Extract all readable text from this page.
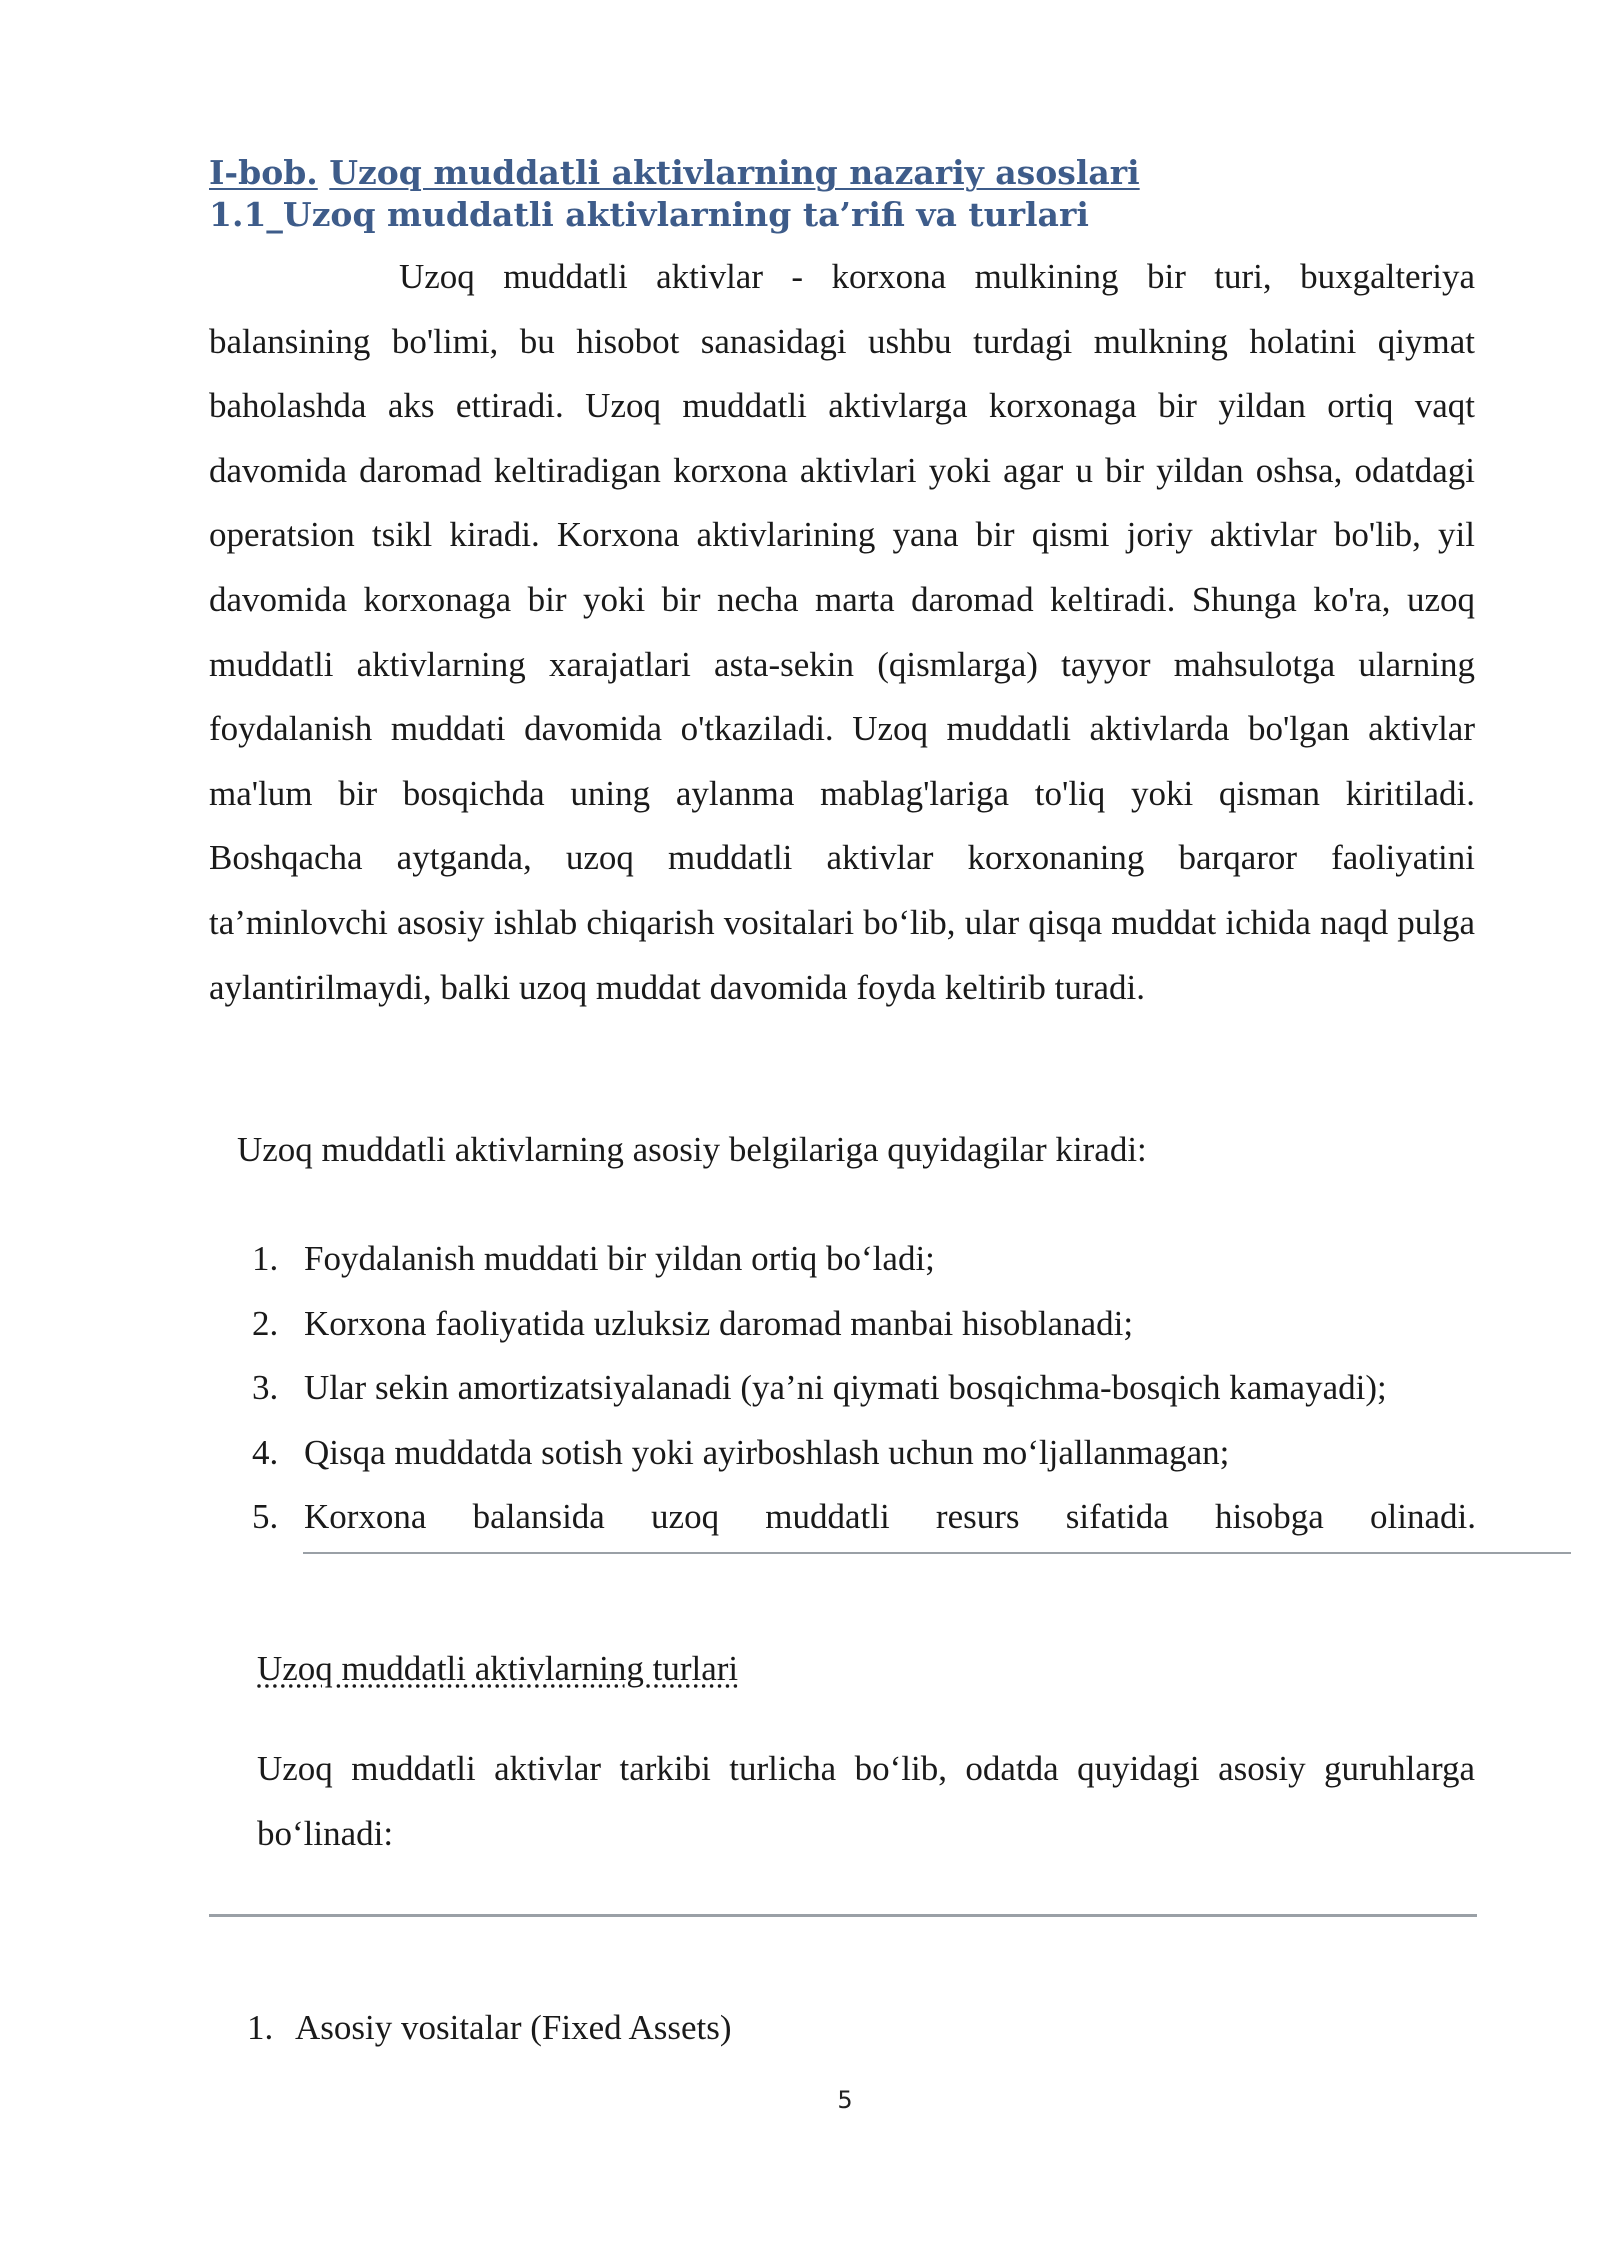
I-bob. Uzoq muddatli aktivlarning nazariy asoslari
1.1_Uzoq muddatli aktivlarning ta’rifi va turlari

Uzoq muddatli aktivlar - korxona mulkining bir turi, buxgalteriya balansining bo'limi, bu hisobot sanasidagi ushbu turdagi mulkning holatini qiymat baholashda aks ettiradi. Uzoq muddatli aktivlarga korxonaga bir yildan ortiq vaqt davomida daromad keltiradigan korxona aktivlari yoki agar u bir yildan oshsa, odatdagi operatsion tsikl kiradi. Korxona aktivlarining yana bir qismi joriy aktivlar bo'lib, yil davomida korxonaga bir yoki bir necha marta daromad keltiradi. Shunga ko'ra, uzoq muddatli aktivlarning xarajatlari asta-sekin (qismlarga) tayyor mahsulotga ularning foydalanish muddati davomida o'tkaziladi. Uzoq muddatli aktivlarda bo'lgan aktivlar ma'lum bir bosqichda uning aylanma mablag'lariga to'liq yoki qisman kiritiladi. Boshqacha aytganda, uzoq muddatli aktivlar korxonaning barqaror faoliyatini ta’minlovchi asosiy ishlab chiqarish vositalari bo‘lib, ular qisqa muddat ichida naqd pulga aylantirilmaydi, balki uzoq muddat davomida foyda keltirib turadi.

Uzoq muddatli aktivlarning asosiy belgilariga quyidagilar kiradi:

1. Foydalanish muddati bir yildan ortiq bo‘ladi;
2. Korxona faoliyatida uzluksiz daromad manbai hisoblanadi;
3. Ular sekin amortizatsiyalanadi (ya’ni qiymati bosqichma-bosqich kamayadi);
4. Qisqa muddatda sotish yoki ayirboshlash uchun mo‘ljallanmagan;
5. Korxona balansida uzoq muddatli resurs sifatida hisobga olinadi.
Uzoq muddatli aktivlarning turlari

Uzoq muddatli aktivlar tarkibi turlicha bo‘lib, odatda quyidagi asosiy guruhlarga bo‘linadi:

1. Asosiy vositalar (Fixed Assets)
5
